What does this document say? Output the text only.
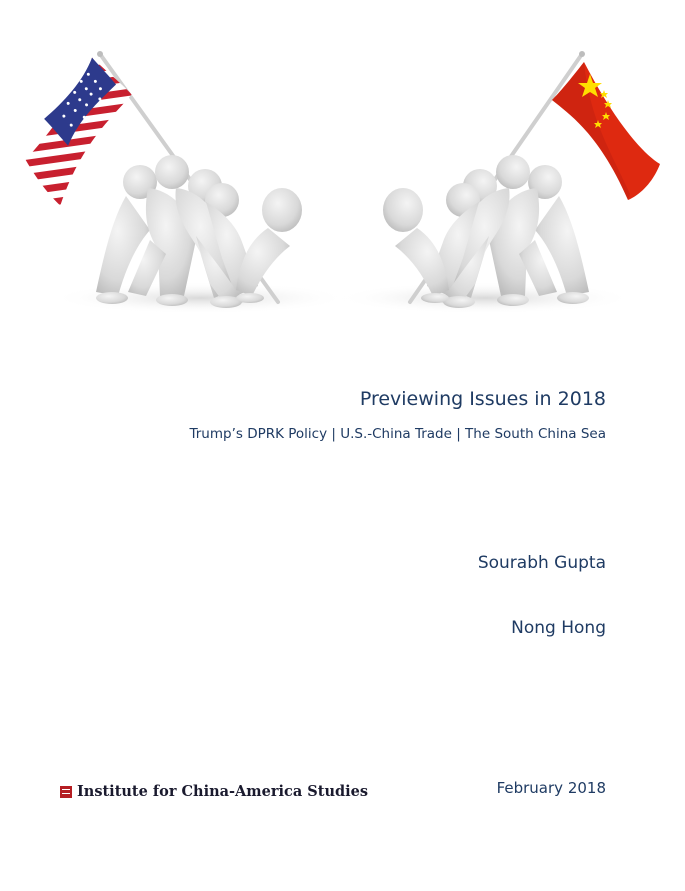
Previewing Issues in 2018
Trump’s DPRK Policy | U.S.-China Trade | The South China Sea
Sourabh Gupta
Nong Hong
Institute for China-America Studies	February 2018
